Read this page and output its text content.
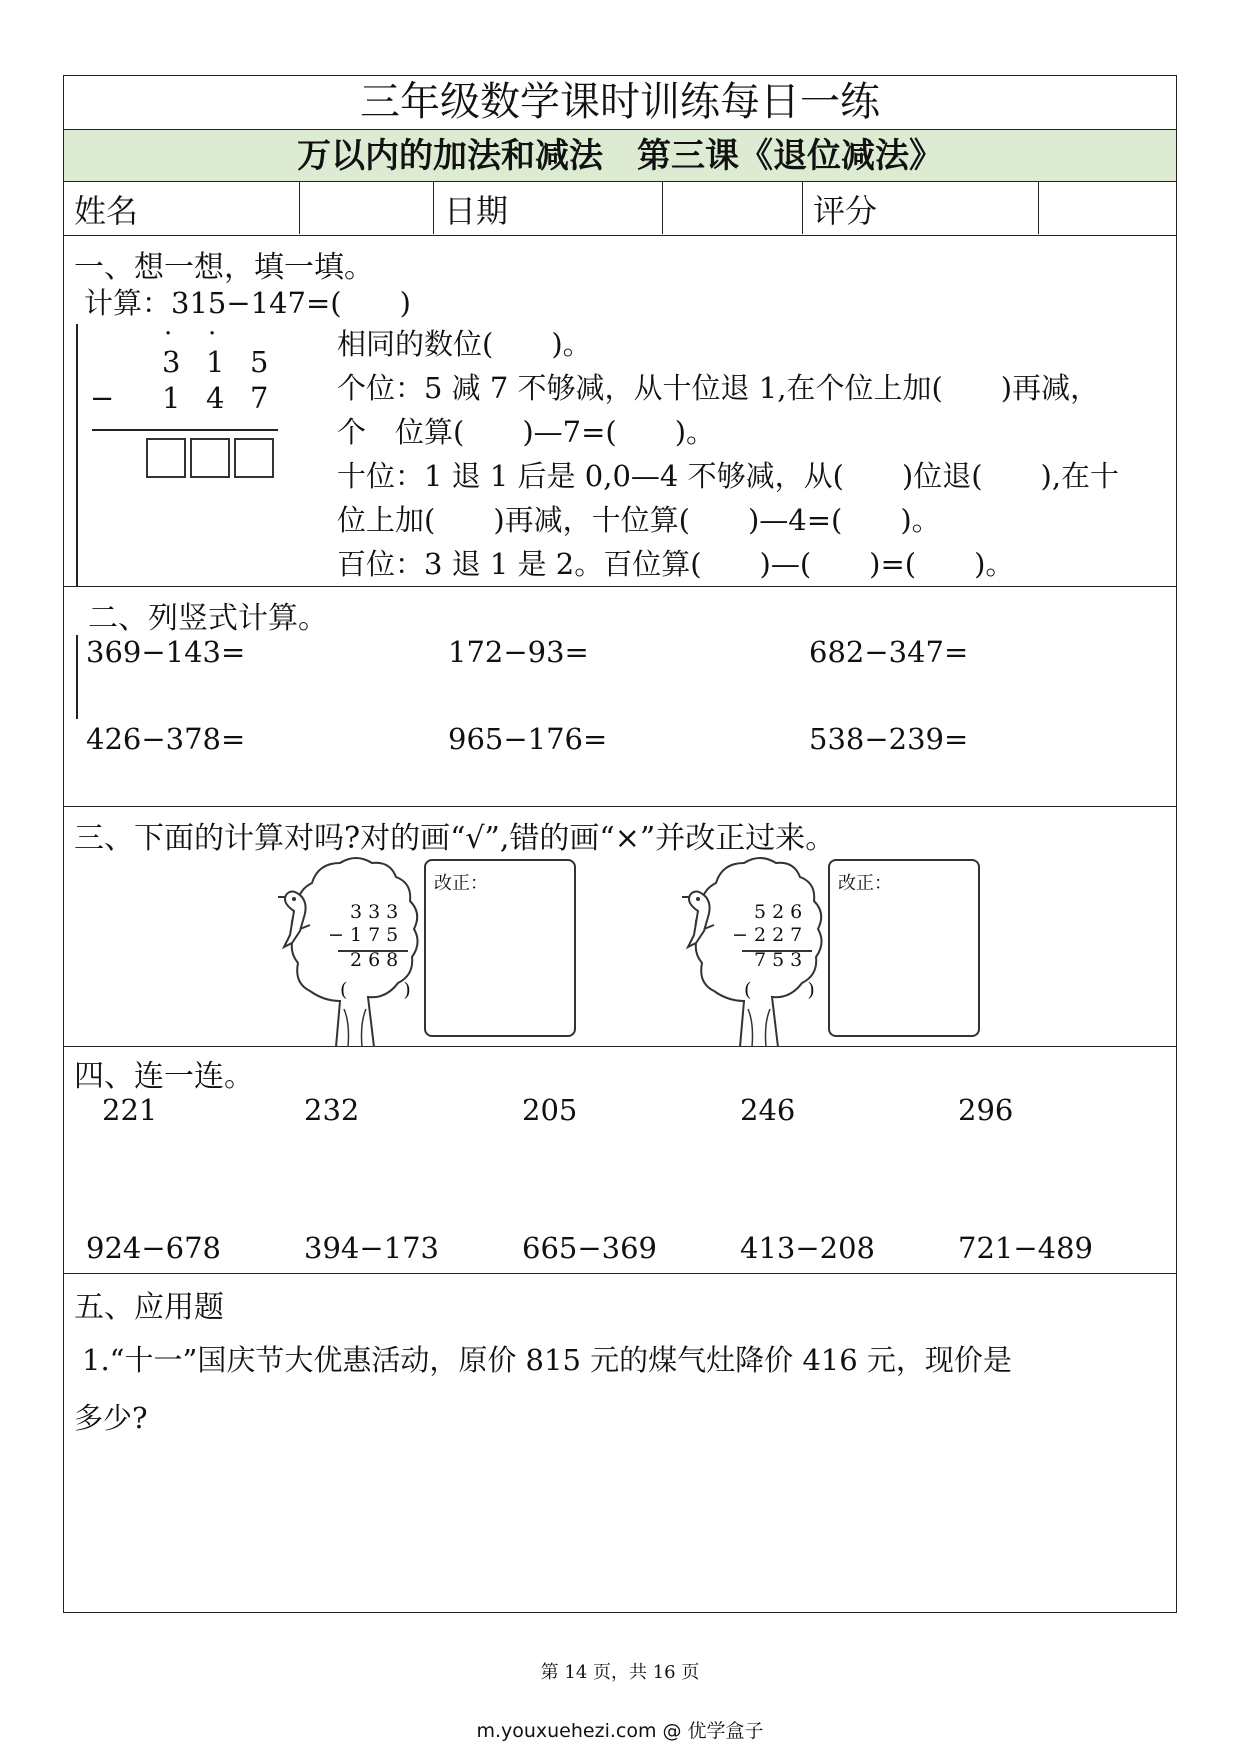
三年级数学课时训练每日一练
万以内的加法和减法　第三课《退位减法》
姓名	日期	评分
一、想一想，填一填。
计算：315−147=(　　)
· ·
3 1 5
− 1 4 7
相同的数位(　　)。
个位：5 减 7 不够减，从十位退 1,在个位上加(　　)再减，
个　位算(　　)—7=(　　)。
十位：1 退 1 后是 0,0—4 不够减，从(　　)位退(　　),在十
位上加(　　)再减，十位算(　　)—4=(　　)。
百位：3 退 1 是 2。百位算(　　)—(　　)=(　　)。
二、列竖式计算。
369−143=	172−93=	682−347=
426−378=	965−176=	538−239=
三、下面的计算对吗?对的画“√”,错的画“×”并改正过来。
333
− 175
268
(　　)
改正：
526
− 227
753
(　　)
改正：
四、连一连。
221	232	205	246	296
924−678	394−173	665−369	413−208	721−489
五、应用题
1.“十一”国庆节大优惠活动，原价 815 元的煤气灶降价 416 元，现价是
多少?
第 14 页，共 16 页
m.youxuehezi.com @ 优学盒子
